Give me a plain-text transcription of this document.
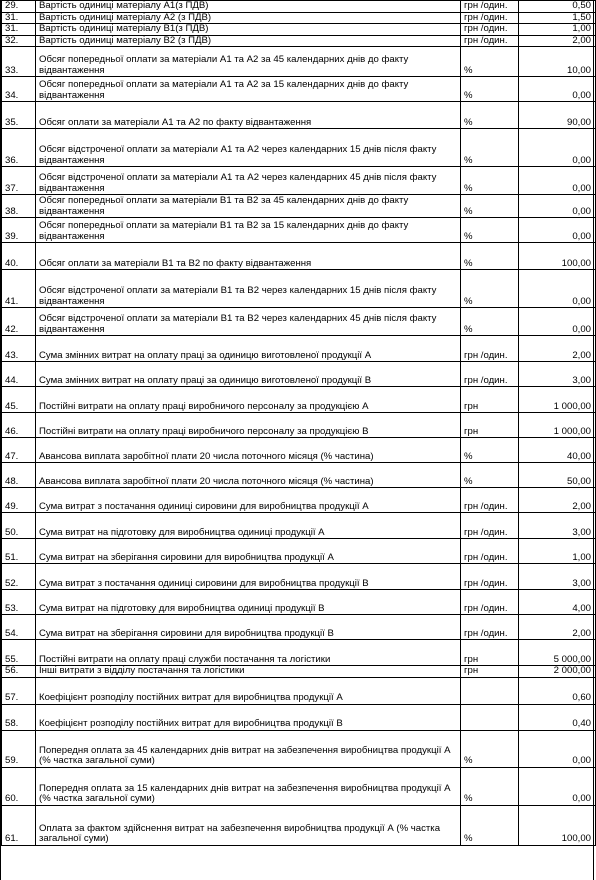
29.	Вартість одиниці матеріалу А1(з ПДВ)	грн /один.	0,50
31.	Вартість одиниці матеріалу А2 (з ПДВ)	грн /один.	1,50
31.	Вартість одиниці матеріалу В1(з ПДВ)	грн /один.	1,00
32.	Вартість одиниці матеріалу В2 (з ПДВ)	грн /один.	2,00
33.	Обсяг попередньої оплати за матеріали А1 та А2 за 45 календарних днів до факту відвантаження	%	10,00
34.	Обсяг попередньої оплати за матеріали А1 та А2 за 15 календарних днів до факту відвантаження	%	0,00
35.	Обсяг оплати за матеріали А1 та А2 по факту відвантаження	%	90,00
36.	Обсяг відстроченої оплати за матеріали А1 та А2 через календарних 15 днів після факту відвантаження	%	0,00
37.	Обсяг відстроченої оплати за матеріали А1 та А2 через календарних 45 днів після факту відвантаження	%	0,00
38.	Обсяг попередньої оплати за матеріали В1 та В2 за 45 календарних днів до факту відвантаження	%	0,00
39.	Обсяг попередньої оплати за матеріали В1 та В2 за 15 календарних днів до факту відвантаження	%	0,00
40.	Обсяг оплати за матеріали В1 та В2 по факту відвантаження	%	100,00
41.	Обсяг відстроченої оплати за матеріали В1 та В2 через календарних 15 днів після факту відвантаження	%	0,00
42.	Обсяг відстроченої оплати за матеріали В1 та В2 через календарних 45 днів після факту відвантаження	%	0,00
43.	Сума змінних витрат на оплату праці за одиницю виготовленої продукції А	грн /один.	2,00
44.	Сума змінних витрат на оплату праці за одиницю виготовленої продукції В	грн /один.	3,00
45.	Постійні витрати на оплату праці виробничого персоналу за продукцією А	грн	1 000,00
46.	Постійні витрати на оплату праці виробничого персоналу за продукцією В	грн	1 000,00
47.	Авансова виплата заробітної плати 20 числа поточного місяця (% частина)	%	40,00
48.	Авансова виплата заробітної плати 20 числа поточного місяця (% частина)	%	50,00
49.	Сума витрат з постачання одиниці сировини для виробництва продукції А	грн /один.	2,00
50.	Сума витрат на підготовку для виробництва одиниці продукції А	грн /один.	3,00
51.	Сума витрат на зберігання сировини для виробництва продукції А	грн /один.	1,00
52.	Сума витрат з постачання одиниці сировини для виробництва продукції В	грн /один.	3,00
53.	Сума витрат на підготовку для виробництва одиниці продукції В	грн /один.	4,00
54.	Сума витрат на зберігання сировини для виробництва продукції В	грн /один.	2,00
55.	Постійні витрати на оплату праці служби постачання та логістики	грн	5 000,00
56.	Інші витрати з відділу постачання та логістики	грн	2 000,00
57.	Коефіцієнт розподілу постійних витрат для виробництва продукції А		0,60
58.	Коефіцієнт розподілу постійних витрат для виробництва продукції В		0,40
59.	Попередня оплата за 45 календарних днів витрат на забезпечення виробництва продукції А (% частка загальної суми)	%	0,00
60.	Попередня оплата за 15 календарних днів витрат на забезпечення виробництва продукції А (% частка загальної суми)	%	0,00
61.	Оплата за фактом здійснення витрат на забезпечення виробництва продукції А (% частка загальної суми)	%	100,00
